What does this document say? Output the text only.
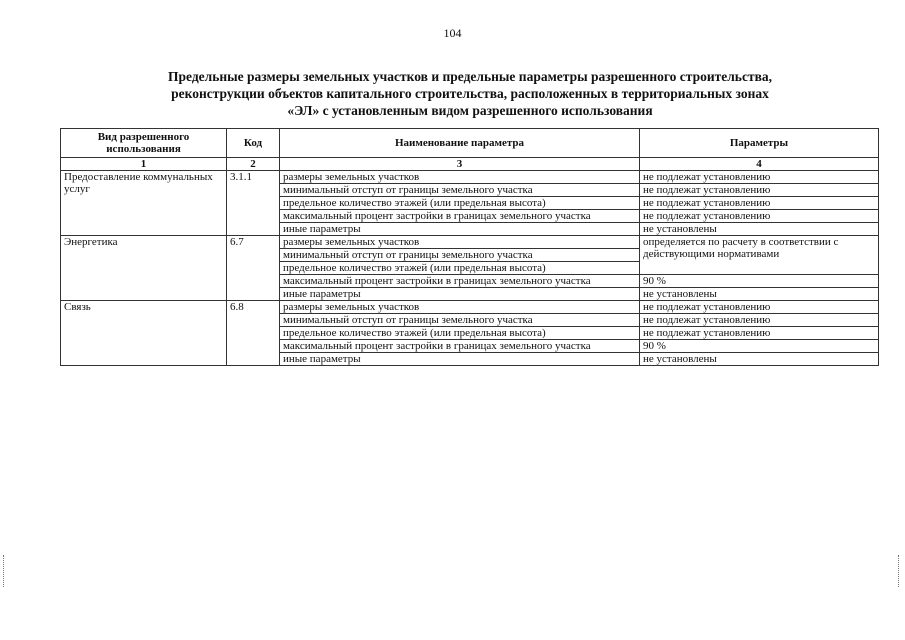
104
Предельные размеры земельных участков и предельные параметры разрешенного строительства,
реконструкции объектов капитального строительства, расположенных в территориальных зонах
«ЭЛ» с установленным видом разрешенного использования
Вид разрешенного использования	Код	Наименование параметра	Параметры
1	2	3	4
Предоставление коммунальных услуг	3.1.1	размеры земельных участков	не подлежат установлению
		минимальный отступ от границы земельного участка	не подлежат установлению
		предельное количество этажей (или предельная высота)	не подлежат установлению
		максимальный процент застройки в границах земельного участка	не подлежат установлению
		иные параметры	не установлены
Энергетика	6.7	размеры земельных участков	определяется по расчету в соответствии с действующими нормативами
		минимальный отступ от границы земельного участка	
		предельное количество этажей (или предельная высота)	
		максимальный процент застройки в границах земельного участка	90 %
		иные параметры	не установлены
Связь	6.8	размеры земельных участков	не подлежат установлению
		минимальный отступ от границы земельного участка	не подлежат установлению
		предельное количество этажей (или предельная высота)	не подлежат установлению
		максимальный процент застройки в границах земельного участка	90 %
		иные параметры	не установлены
